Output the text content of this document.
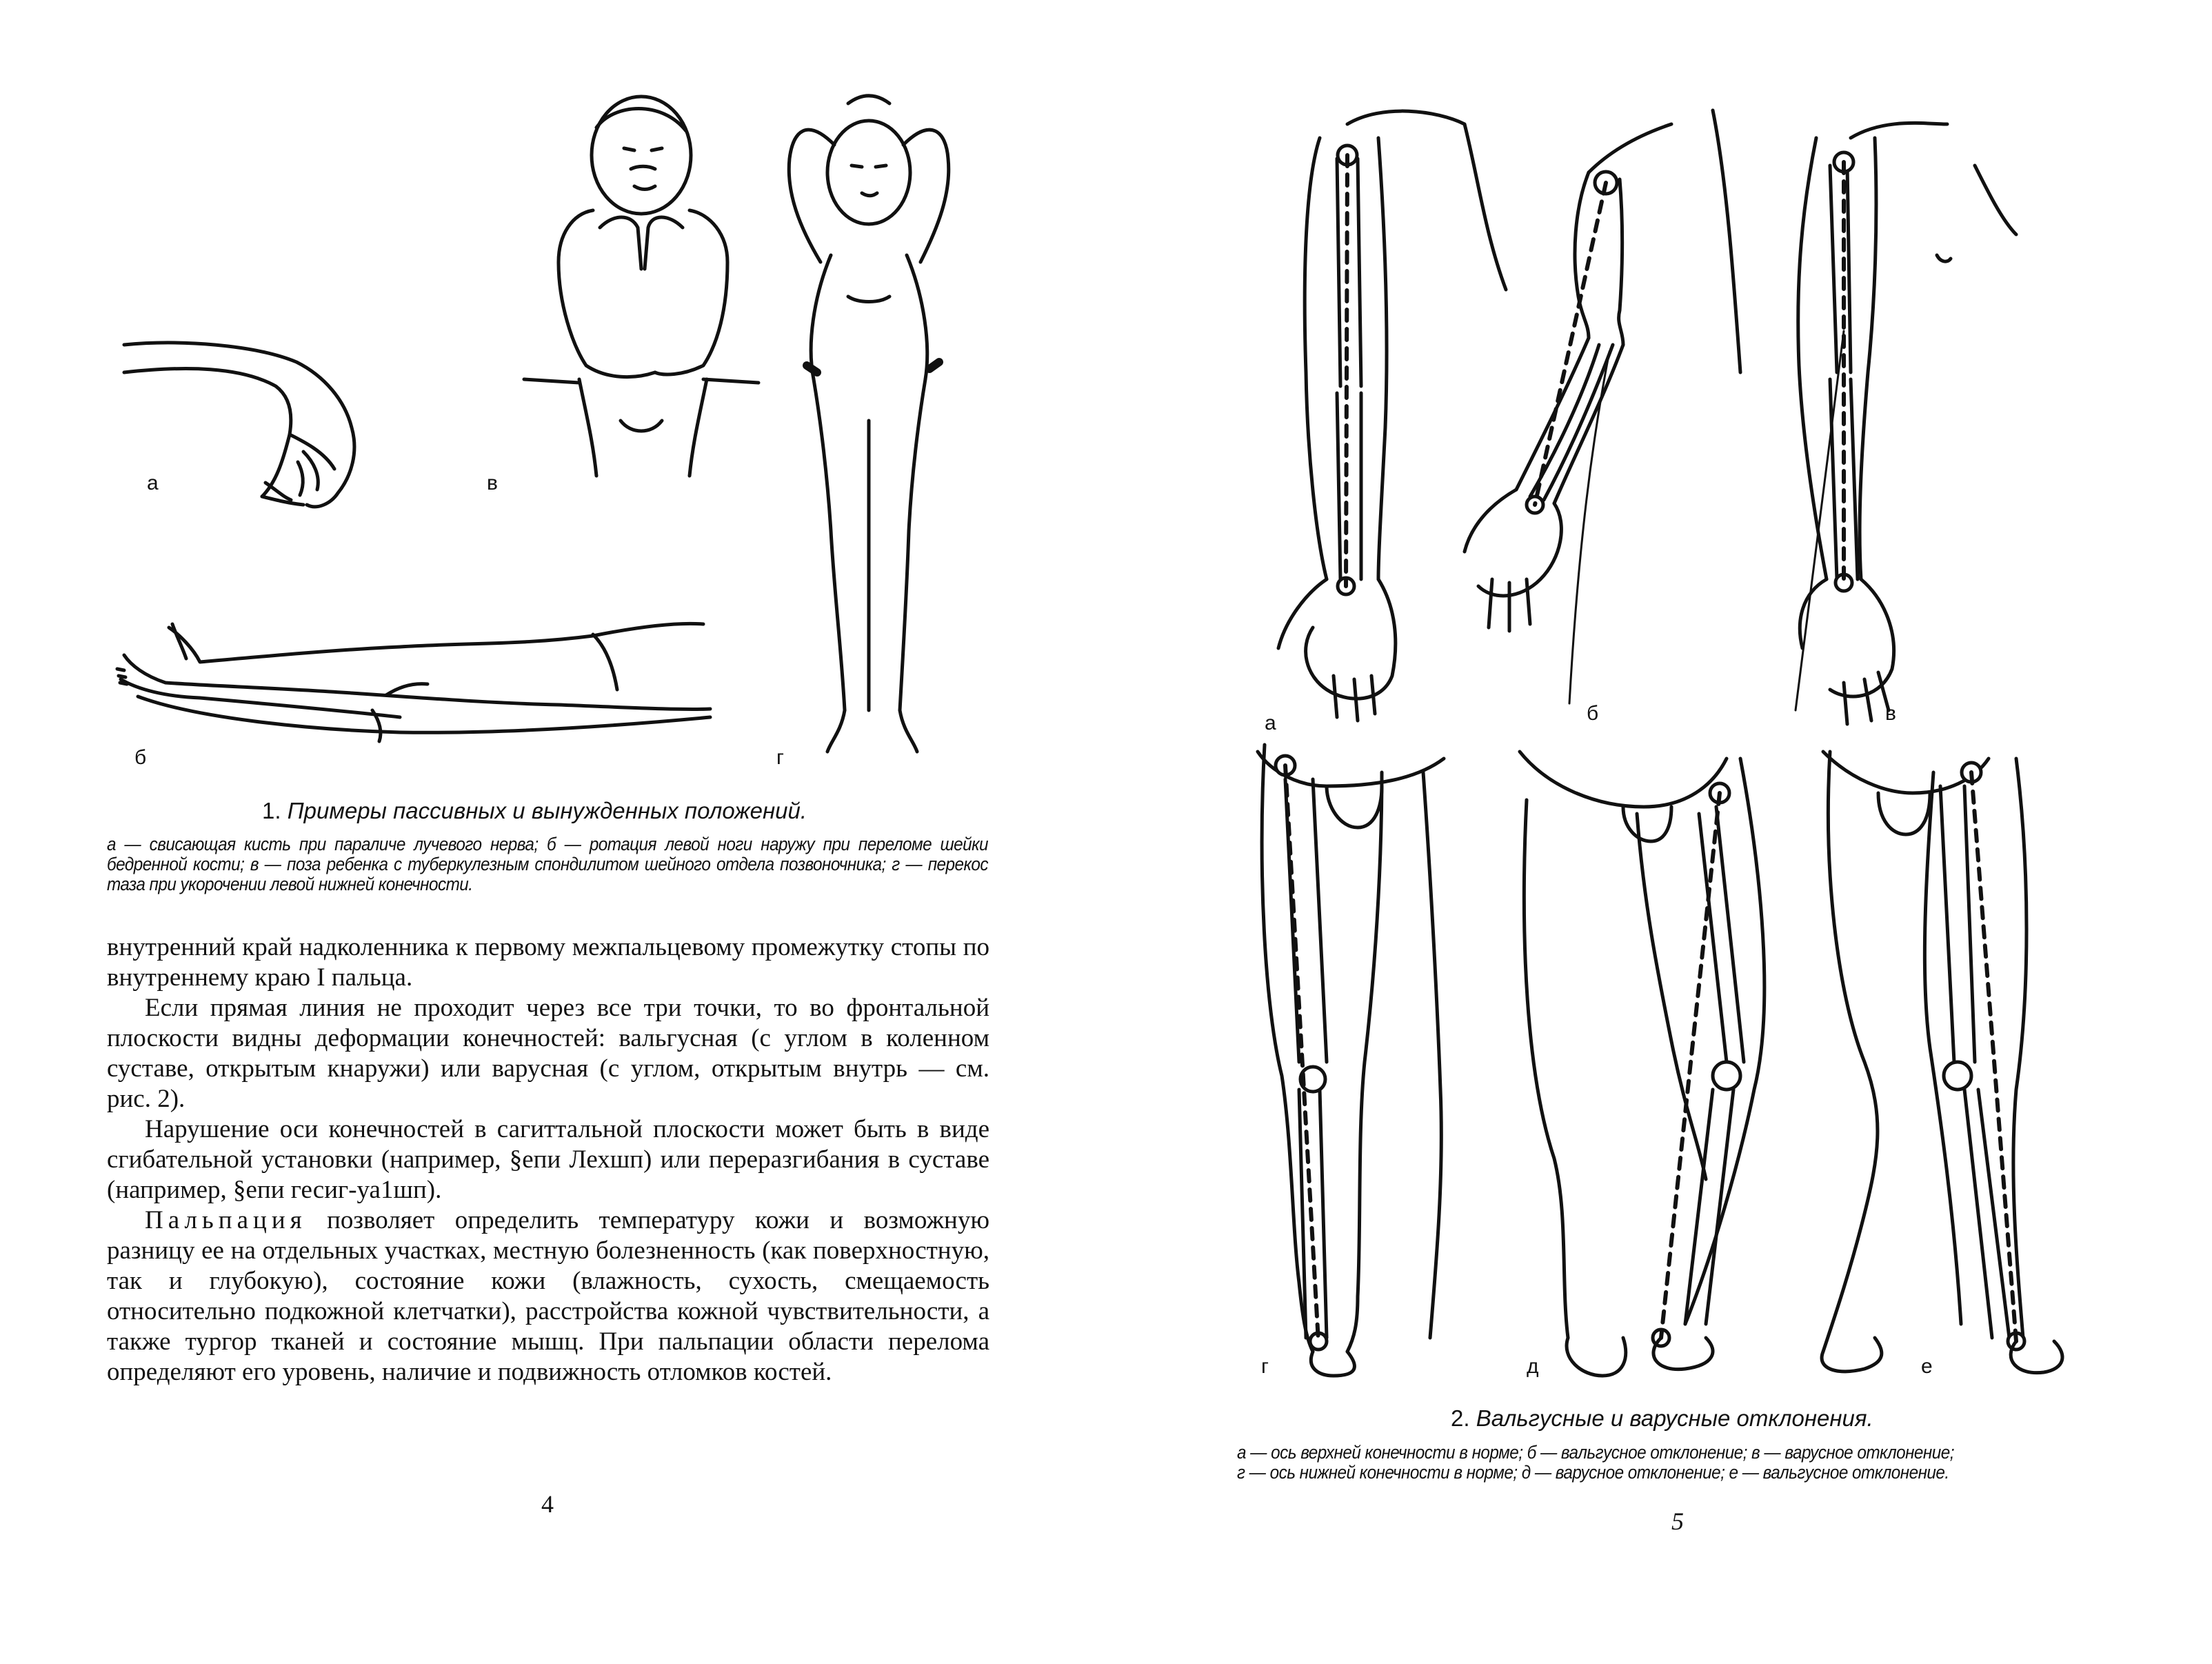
а	в
б	г
1. Примеры пассивных и вынужденных положений.
а — свисающая кисть при параличе лучевого нерва; б — ротация левой ноги наружу при переломе шейки бедренной кости; в — поза ребенка с туберкулезным спондилитом шейного отдела позвоночника; г — перекос таза при укорочении левой нижней конечности.

внутренний край надколенника к первому межпальцевому промежутку стопы по внутреннему краю I пальца.

Если прямая линия не проходит через все три точки, то во фронтальной плоскости видны деформации конечностей: вальгусная (с углом в коленном суставе, открытым кнаружи) или варусная (с углом, открытым внутрь — см. рис. 2).

Нарушение оси конечностей в сагиттальной плоскости может быть в виде сгибательной установки (например, §епи Лехшп) или переразгибания в суставе (например, §епи гесиг-уа1шп).

Пальпация позволяет определить температуру кожи и возможную разницу ее на отдельных участках, местную болезненность (как поверхностную, так и глубокую), состояние кожи (влажность, сухость, смещаемость относительно подкожной клетчатки), расстройства кожной чувствительности, а также тургор тканей и состояние мышц. При пальпации области перелома определяют его уровень, наличие и подвижность отломков костей.

4
а	б	в
г	д	е
2. Вальгусные и варусные отклонения.
а — ось верхней конечности в норме; б — вальгусное отклонение; в — варусное отклонение;
г — ось нижней конечности в норме; д — варусное отклонение; е — вальгусное отклонение.
5
